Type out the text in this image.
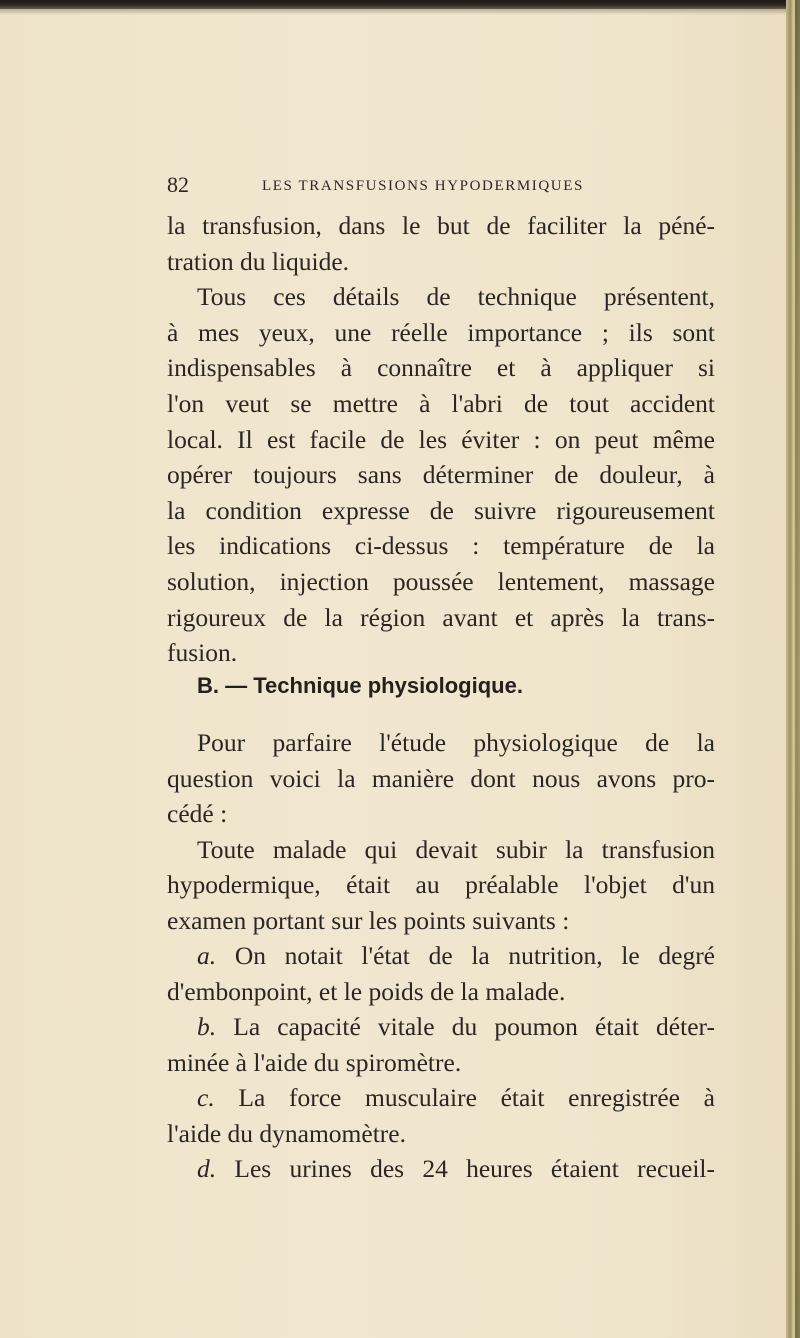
82	LES TRANSFUSIONS HYPODERMIQUES
la transfusion, dans le but de faciliter la péné-
tration du liquide.
Tous ces détails de technique présentent,
à mes yeux, une réelle importance ; ils sont
indispensables à connaître et à appliquer si
l'on veut se mettre à l'abri de tout accident
local. Il est facile de les éviter : on peut même
opérer toujours sans déterminer de douleur, à
la condition expresse de suivre rigoureusement
les indications ci-dessus : température de la
solution, injection poussée lentement, massage
rigoureux de la région avant et après la trans-
fusion.
B. — Technique physiologique.
Pour parfaire l'étude physiologique de la
question voici la manière dont nous avons pro-
cédé :
Toute malade qui devait subir la transfusion
hypodermique, était au préalable l'objet d'un
examen portant sur les points suivants :
a. On notait l'état de la nutrition, le degré
d'embonpoint, et le poids de la malade.
b. La capacité vitale du poumon était déter-
minée à l'aide du spiromètre.
c. La force musculaire était enregistrée à
l'aide du dynamomètre.
d. Les urines des 24 heures étaient recueil-
